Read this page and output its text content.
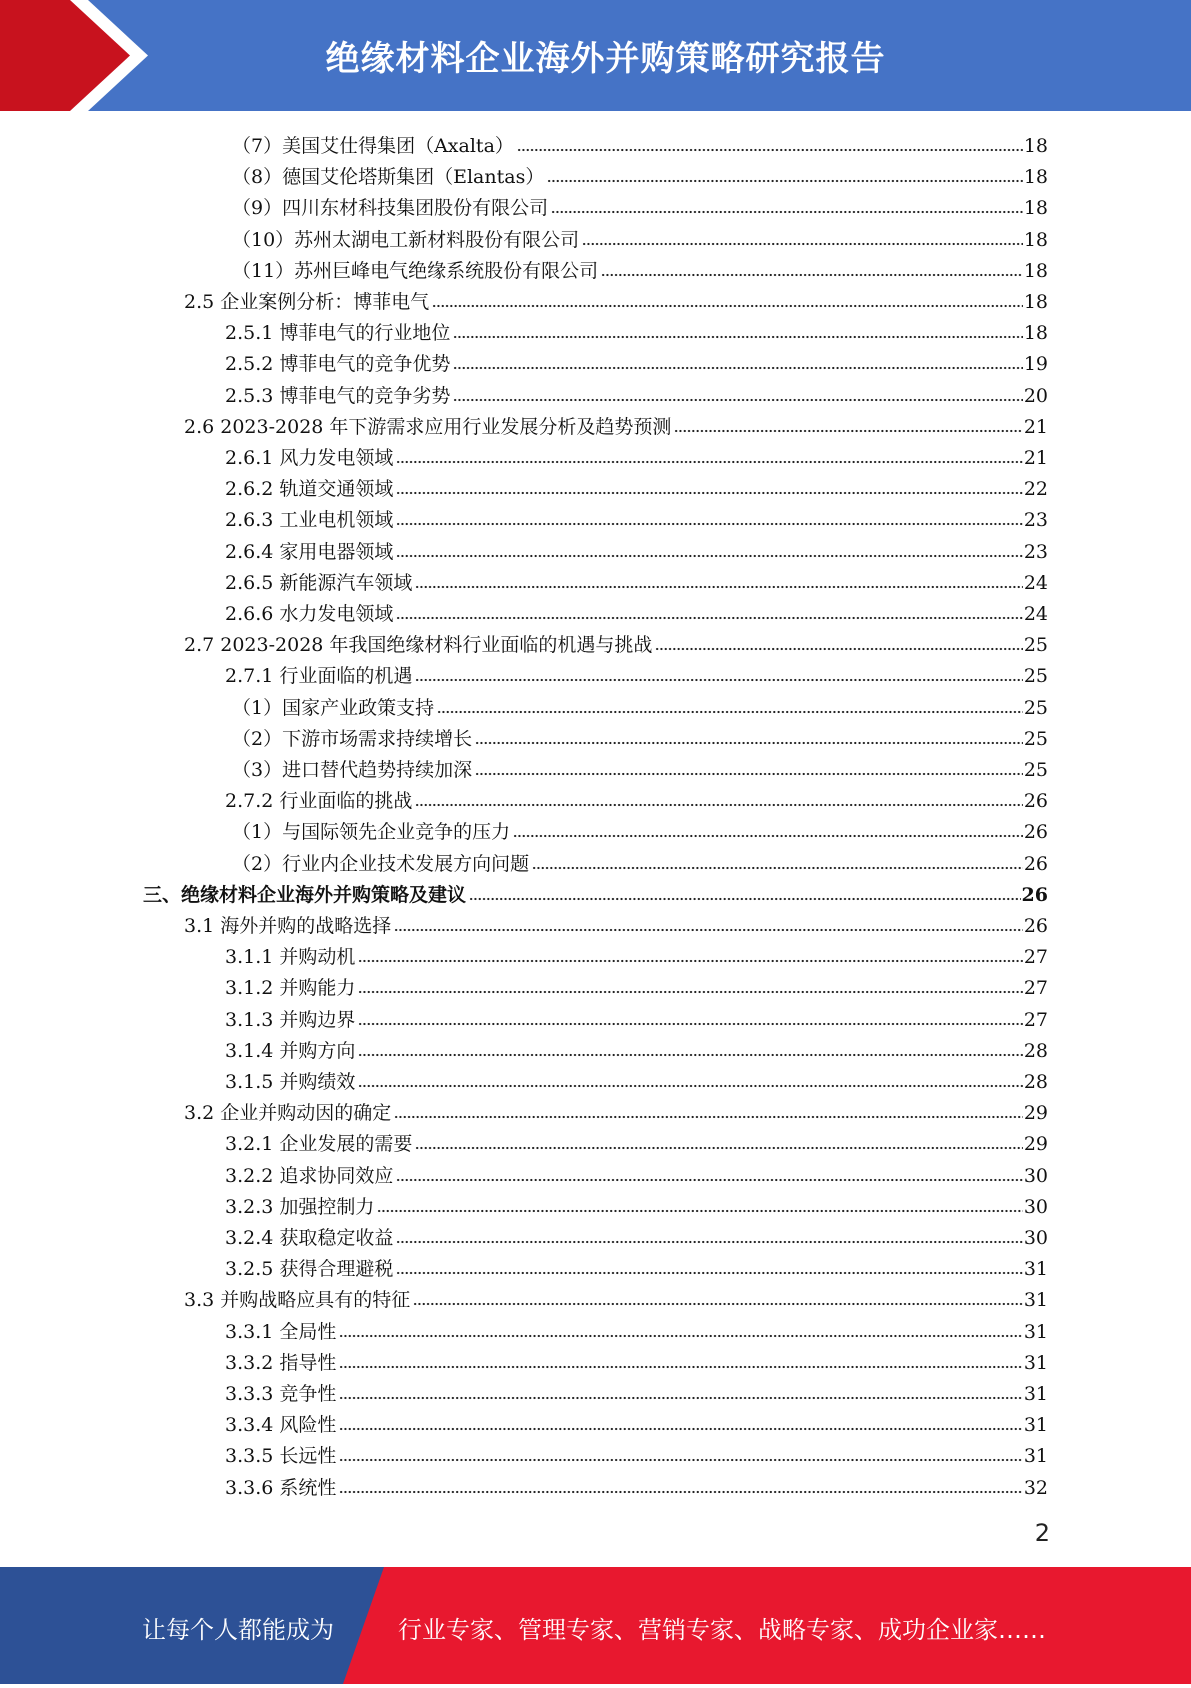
绝缘材料企业海外并购策略研究报告
（7）美国艾仕得集团（Axalta）	18
（8）德国艾伦塔斯集团（Elantas）	18
（9）四川东材科技集团股份有限公司	18
（10）苏州太湖电工新材料股份有限公司	18
（11）苏州巨峰电气绝缘系统股份有限公司	18
2.5 企业案例分析：博菲电气	18
2.5.1 博菲电气的行业地位	18
2.5.2 博菲电气的竞争优势	19
2.5.3 博菲电气的竞争劣势	20
2.6 2023-2028 年下游需求应用行业发展分析及趋势预测	21
2.6.1 风力发电领域	21
2.6.2 轨道交通领域	22
2.6.3 工业电机领域	23
2.6.4 家用电器领域	23
2.6.5 新能源汽车领域	24
2.6.6 水力发电领域	24
2.7 2023-2028 年我国绝缘材料行业面临的机遇与挑战	25
2.7.1 行业面临的机遇	25
（1）国家产业政策支持	25
（2）下游市场需求持续增长	25
（3）进口替代趋势持续加深	25
2.7.2 行业面临的挑战	26
（1）与国际领先企业竞争的压力	26
（2）行业内企业技术发展方向问题	26
三、绝缘材料企业海外并购策略及建议	26
3.1 海外并购的战略选择	26
3.1.1 并购动机	27
3.1.2 并购能力	27
3.1.3 并购边界	27
3.1.4 并购方向	28
3.1.5 并购绩效	28
3.2 企业并购动因的确定	29
3.2.1 企业发展的需要	29
3.2.2 追求协同效应	30
3.2.3 加强控制力	30
3.2.4 获取稳定收益	30
3.2.5 获得合理避税	31
3.3 并购战略应具有的特征	31
3.3.1 全局性	31
3.3.2 指导性	31
3.3.3 竞争性	31
3.3.4 风险性	31
3.3.5 长远性	31
3.3.6 系统性	32
2
让每个人都能成为	行业专家、管理专家、营销专家、战略专家、成功企业家……
